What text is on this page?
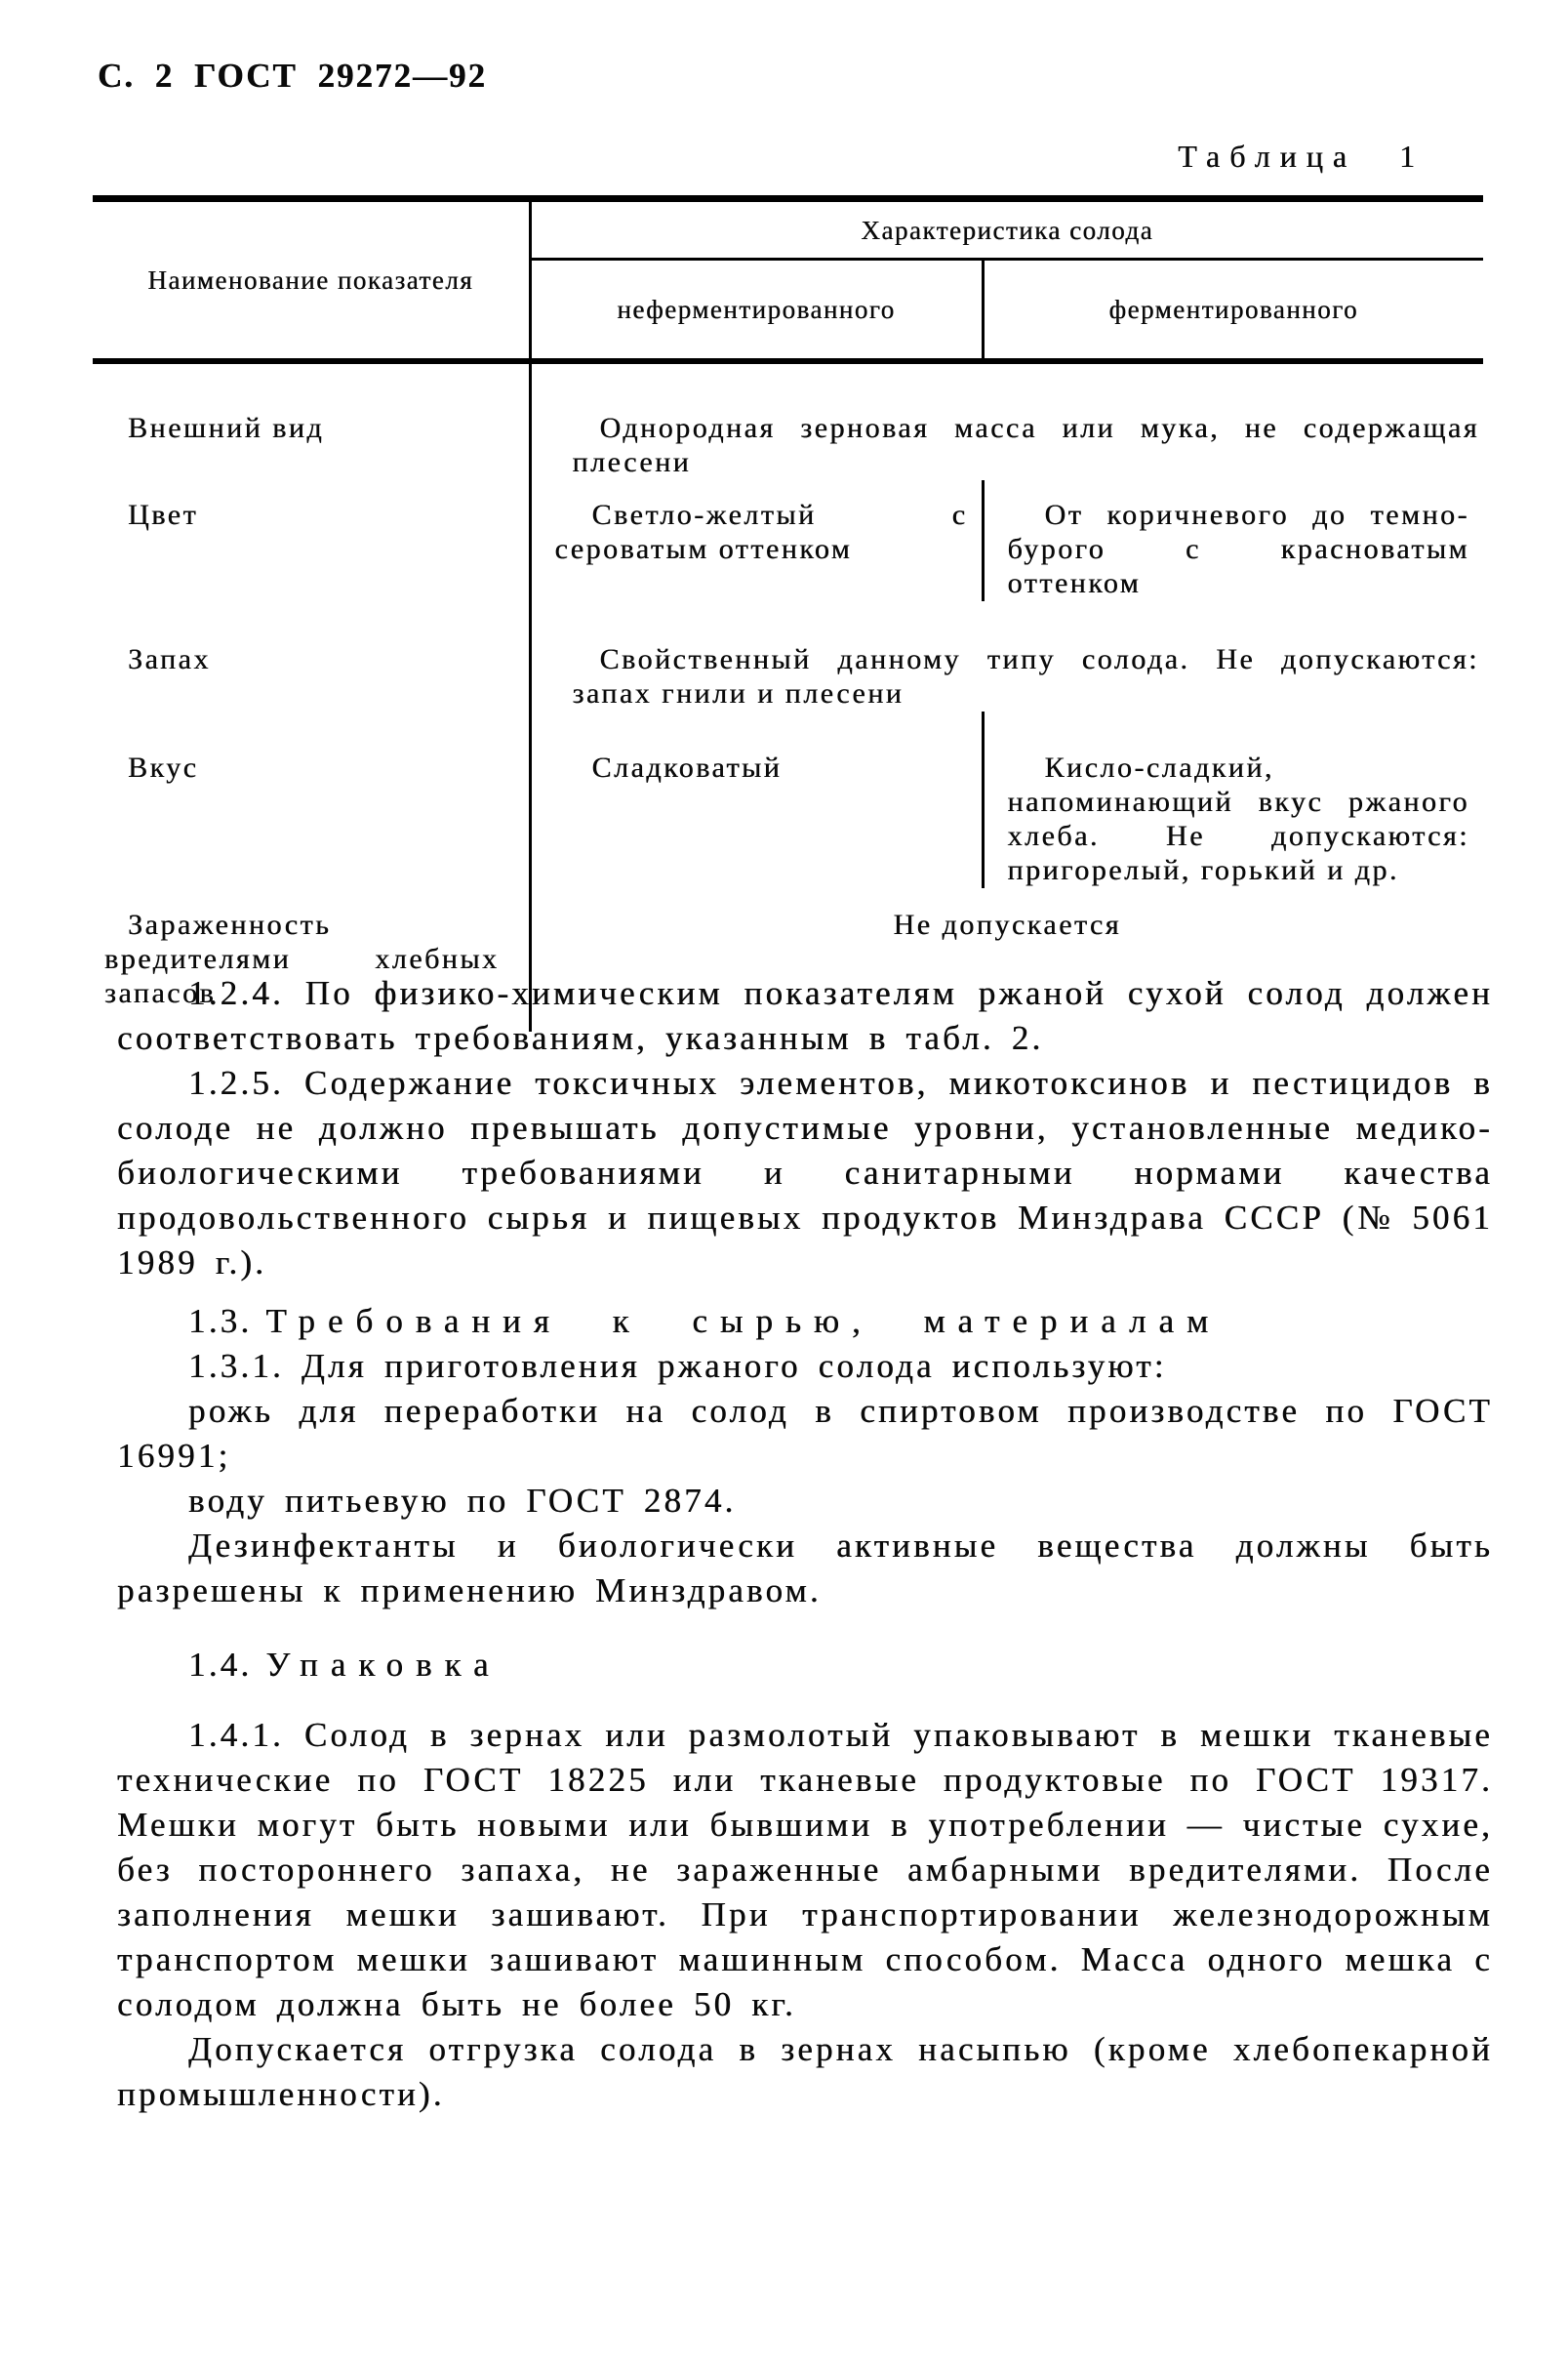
С. 2 ГОСТ 29272—92
Таблица 1
Наименование показателя	Характеристика солода	
	неферментированного	ферментированного
Внешний вид	Однородная зерновая масса или мука, не содержащая плесени	
Цвет	Светло-желтый с сероватым оттенком	От коричневого до темно-бурого с красноватым оттенком
Запах	Свойственный данному типу солода. Не допускаются: запах гнили и плесени	
Вкус	Сладковатый	Кисло-сладкий, напоминающий вкус ржаного хлеба. Не допускаются: пригорелый, горький и др.
Зараженность вредителями хлебных запасов	Не допускается	

1.2.4. По физико-химическим показателям ржаной сухой солод должен соответствовать требованиям, указанным в табл. 2.

1.2.5. Содержание токсичных элементов, микотоксинов и пестицидов в солоде не должно превышать допустимые уровни, установленные медико-биологическими требованиями и санитарными нормами качества продовольственного сырья и пищевых продуктов Минздрава СССР (№ 5061 1989 г.).

1.3. Требования к сырью, материалам

1.3.1. Для приготовления ржаного солода используют:

рожь для переработки на солод в спиртовом производстве по ГОСТ 16991;

воду питьевую по ГОСТ 2874.

Дезинфектанты и биологически активные вещества должны быть разрешены к применению Минздравом.

1.4. Упаковка

1.4.1. Солод в зернах или размолотый упаковывают в мешки тканевые технические по ГОСТ 18225 или тканевые продуктовые по ГОСТ 19317. Мешки могут быть новыми или бывшими в употреблении — чистые сухие, без постороннего запаха, не зараженные амбарными вредителями. После заполнения мешки зашивают. При транспортировании железнодорожным транспортом мешки зашивают машинным способом. Масса одного мешка с солодом должна быть не более 50 кг.

Допускается отгрузка солода в зернах насыпью (кроме хлебопекарной промышленности).
